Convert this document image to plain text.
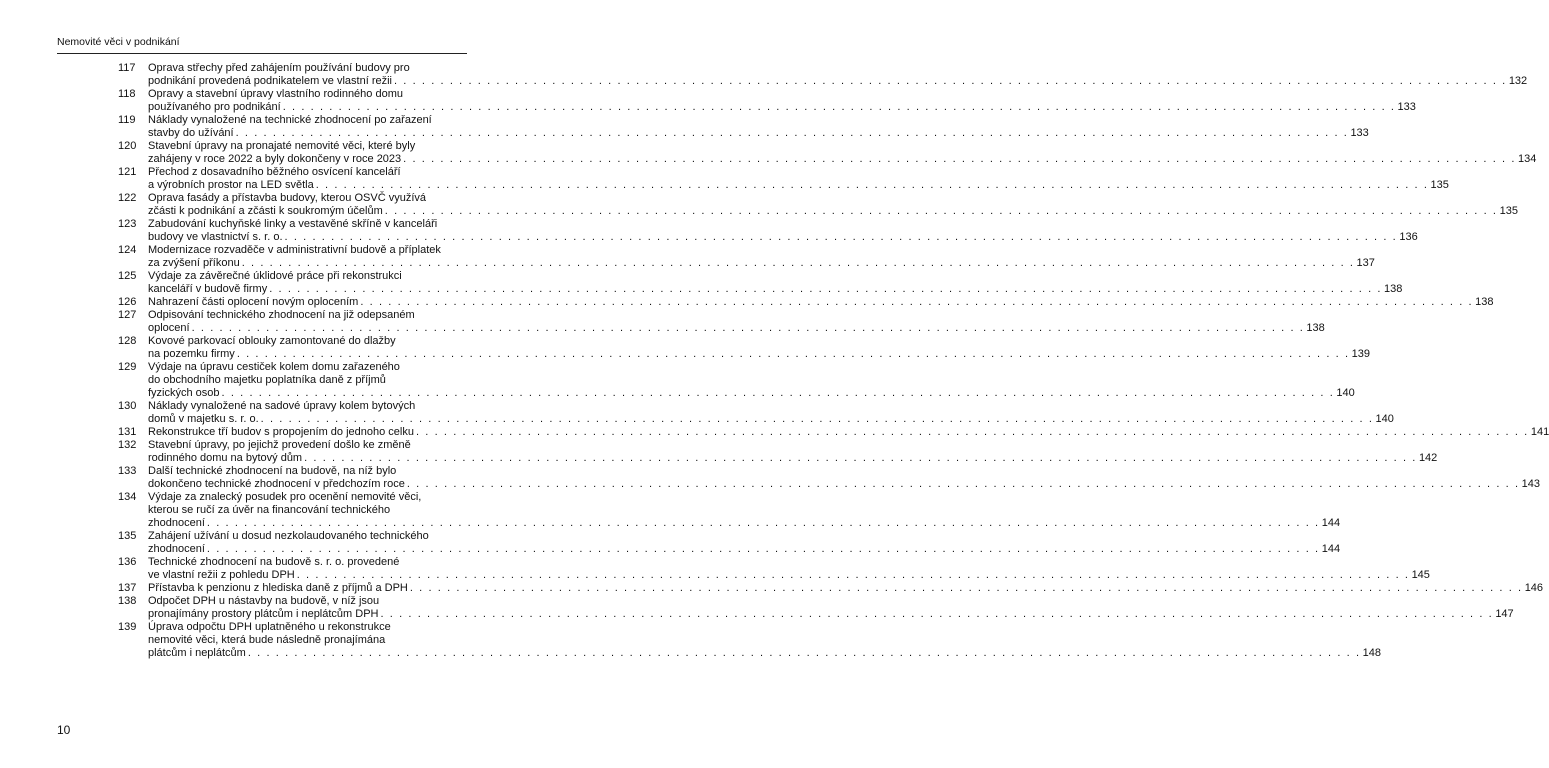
Nemovité věci v podnikání
117	Oprava střechy před zahájením používání budovy pro
podnikání provedená podnikatelem ve vlastní režii . . . . . . . . . . . . . . . . . . . . . . . . . . . . . . . . . . . . . . . . . . . . . . . . . . . . . . . . . . . . . . . . . . . . . . . . . . . . . . . . . . . . . . . . . . . . . . . . . . . . . . . . . . . . . . . . . . . . . . . . 132
118	Opravy a stavební úpravy vlastního rodinného domu
používaného pro podnikání . . . . . . . . . . . . . . . . . . . . . . . . . . . . . . . . . . . . . . . . . . . . . . . . . . . . . . . . . . . . . . . . . . . . . . . . . . . . . . . . . . . . . . . . . . . . . . . . . . . . . . . . . . . . . . . . . . . . . . . . 133
119	Náklady vynaložené na technické zhodnocení po zařazení
stavby do užívání . . . . . . . . . . . . . . . . . . . . . . . . . . . . . . . . . . . . . . . . . . . . . . . . . . . . . . . . . . . . . . . . . . . . . . . . . . . . . . . . . . . . . . . . . . . . . . . . . . . . . . . . . . . . . . . . . . . . . . . . 133
120	Stavební úpravy na pronajaté nemovité věci, které byly
zahájeny v roce 2022 a byly dokončeny v roce 2023 . . . . . . . . . . . . . . . . . . . . . . . . . . . . . . . . . . . . . . . . . . . . . . . . . . . . . . . . . . . . . . . . . . . . . . . . . . . . . . . . . . . . . . . . . . . . . . . . . . . . . . . . . . . . . . . . . . . . . . . . 134
121	Přechod z dosavadního běžného osvícení kanceláří
a výrobních prostor na LED světla . . . . . . . . . . . . . . . . . . . . . . . . . . . . . . . . . . . . . . . . . . . . . . . . . . . . . . . . . . . . . . . . . . . . . . . . . . . . . . . . . . . . . . . . . . . . . . . . . . . . . . . . . . . . . . . . . . . . . . . . 135
122	Oprava fasády a přístavba budovy, kterou OSVČ využívá
zčásti k podnikání a zčásti k soukromým účelům . . . . . . . . . . . . . . . . . . . . . . . . . . . . . . . . . . . . . . . . . . . . . . . . . . . . . . . . . . . . . . . . . . . . . . . . . . . . . . . . . . . . . . . . . . . . . . . . . . . . . . . . . . . . . . . . . . . . . . . . 135
123	Zabudování kuchyňské linky a vestavěné skříně v kanceláři
budovy ve vlastnictví s. r. o. . . . . . . . . . . . . . . . . . . . . . . . . . . . . . . . . . . . . . . . . . . . . . . . . . . . . . . . . . . . . . . . . . . . . . . . . . . . . . . . . . . . . . . . . . . . . . . . . . . . . . . . . . . . . . . . . . . . . . . . . 136
124	Modernizace rozvaděče v administrativní budově a příplatek
za zvýšení příkonu . . . . . . . . . . . . . . . . . . . . . . . . . . . . . . . . . . . . . . . . . . . . . . . . . . . . . . . . . . . . . . . . . . . . . . . . . . . . . . . . . . . . . . . . . . . . . . . . . . . . . . . . . . . . . . . . . . . . . . . . 137
125	Výdaje za závěrečné úklidové práce při rekonstrukci
kanceláří v budově firmy . . . . . . . . . . . . . . . . . . . . . . . . . . . . . . . . . . . . . . . . . . . . . . . . . . . . . . . . . . . . . . . . . . . . . . . . . . . . . . . . . . . . . . . . . . . . . . . . . . . . . . . . . . . . . . . . . . . . . . . . 138
126	Nahrazení části oplocení novým oplocením . . . . . . . . . . . . . . . . . . . . . . . . . . . . . . . . . . . . . . . . . . . . . . . . . . . . . . . . . . . . . . . . . . . . . . . . . . . . . . . . . . . . . . . . . . . . . . . . . . . . . . . . . . . . . . . . . . . . . . . . 138
127	Odpisování technického zhodnocení na již odepsaném
oplocení . . . . . . . . . . . . . . . . . . . . . . . . . . . . . . . . . . . . . . . . . . . . . . . . . . . . . . . . . . . . . . . . . . . . . . . . . . . . . . . . . . . . . . . . . . . . . . . . . . . . . . . . . . . . . . . . . . . . . . . . 138
128	Kovové parkovací oblouky zamontované do dlažby
na pozemku firmy . . . . . . . . . . . . . . . . . . . . . . . . . . . . . . . . . . . . . . . . . . . . . . . . . . . . . . . . . . . . . . . . . . . . . . . . . . . . . . . . . . . . . . . . . . . . . . . . . . . . . . . . . . . . . . . . . . . . . . . . 139
129	Výdaje na úpravu cestiček kolem domu zařazeného
do obchodního majetku poplatníka daně z příjmů
fyzických osob . . . . . . . . . . . . . . . . . . . . . . . . . . . . . . . . . . . . . . . . . . . . . . . . . . . . . . . . . . . . . . . . . . . . . . . . . . . . . . . . . . . . . . . . . . . . . . . . . . . . . . . . . . . . . . . . . . . . . . . . 140
130	Náklady vynaložené na sadové úpravy kolem bytových
domů v majetku s. r. o. . . . . . . . . . . . . . . . . . . . . . . . . . . . . . . . . . . . . . . . . . . . . . . . . . . . . . . . . . . . . . . . . . . . . . . . . . . . . . . . . . . . . . . . . . . . . . . . . . . . . . . . . . . . . . . . . . . . . . . . . 140
131	Rekonstrukce tří budov s propojením do jednoho celku . . . . . . . . . . . . . . . . . . . . . . . . . . . . . . . . . . . . . . . . . . . . . . . . . . . . . . . . . . . . . . . . . . . . . . . . . . . . . . . . . . . . . . . . . . . . . . . . . . . . . . . . . . . . . . . . . . . . . . . . 141
132	Stavební úpravy, po jejichž provedení došlo ke změně
rodinného domu na bytový dům . . . . . . . . . . . . . . . . . . . . . . . . . . . . . . . . . . . . . . . . . . . . . . . . . . . . . . . . . . . . . . . . . . . . . . . . . . . . . . . . . . . . . . . . . . . . . . . . . . . . . . . . . . . . . . . . . . . . . . . . 142
133	Další technické zhodnocení na budově, na níž bylo
dokončeno technické zhodnocení v předchozím roce . . . . . . . . . . . . . . . . . . . . . . . . . . . . . . . . . . . . . . . . . . . . . . . . . . . . . . . . . . . . . . . . . . . . . . . . . . . . . . . . . . . . . . . . . . . . . . . . . . . . . . . . . . . . . . . . . . . . . . . . 143
134	Výdaje za znalecký posudek pro ocenění nemovité věci,
kterou se ručí za úvěr na financování technického
zhodnocení . . . . . . . . . . . . . . . . . . . . . . . . . . . . . . . . . . . . . . . . . . . . . . . . . . . . . . . . . . . . . . . . . . . . . . . . . . . . . . . . . . . . . . . . . . . . . . . . . . . . . . . . . . . . . . . . . . . . . . . . 144
135	Zahájení užívání u dosud nezkolaudovaného technického
zhodnocení . . . . . . . . . . . . . . . . . . . . . . . . . . . . . . . . . . . . . . . . . . . . . . . . . . . . . . . . . . . . . . . . . . . . . . . . . . . . . . . . . . . . . . . . . . . . . . . . . . . . . . . . . . . . . . . . . . . . . . . . 144
136	Technické zhodnocení na budově s. r. o. provedené
ve vlastní režii z pohledu DPH . . . . . . . . . . . . . . . . . . . . . . . . . . . . . . . . . . . . . . . . . . . . . . . . . . . . . . . . . . . . . . . . . . . . . . . . . . . . . . . . . . . . . . . . . . . . . . . . . . . . . . . . . . . . . . . . . . . . . . . . 145
137	Přístavba k penzionu z hlediska daně z příjmů a DPH . . . . . . . . . . . . . . . . . . . . . . . . . . . . . . . . . . . . . . . . . . . . . . . . . . . . . . . . . . . . . . . . . . . . . . . . . . . . . . . . . . . . . . . . . . . . . . . . . . . . . . . . . . . . . . . . . . . . . . . . 146
138	Odpočet DPH u nástavby na budově, v níž jsou
pronajímány prostory plátcům i neplátcům DPH . . . . . . . . . . . . . . . . . . . . . . . . . . . . . . . . . . . . . . . . . . . . . . . . . . . . . . . . . . . . . . . . . . . . . . . . . . . . . . . . . . . . . . . . . . . . . . . . . . . . . . . . . . . . . . . . . . . . . . . . 147
139	Úprava odpočtu DPH uplatněného u rekonstrukce
nemovité věci, která bude následně pronajímána
plátcům i neplátcům . . . . . . . . . . . . . . . . . . . . . . . . . . . . . . . . . . . . . . . . . . . . . . . . . . . . . . . . . . . . . . . . . . . . . . . . . . . . . . . . . . . . . . . . . . . . . . . . . . . . . . . . . . . . . . . . . . . . . . . . 148
10
